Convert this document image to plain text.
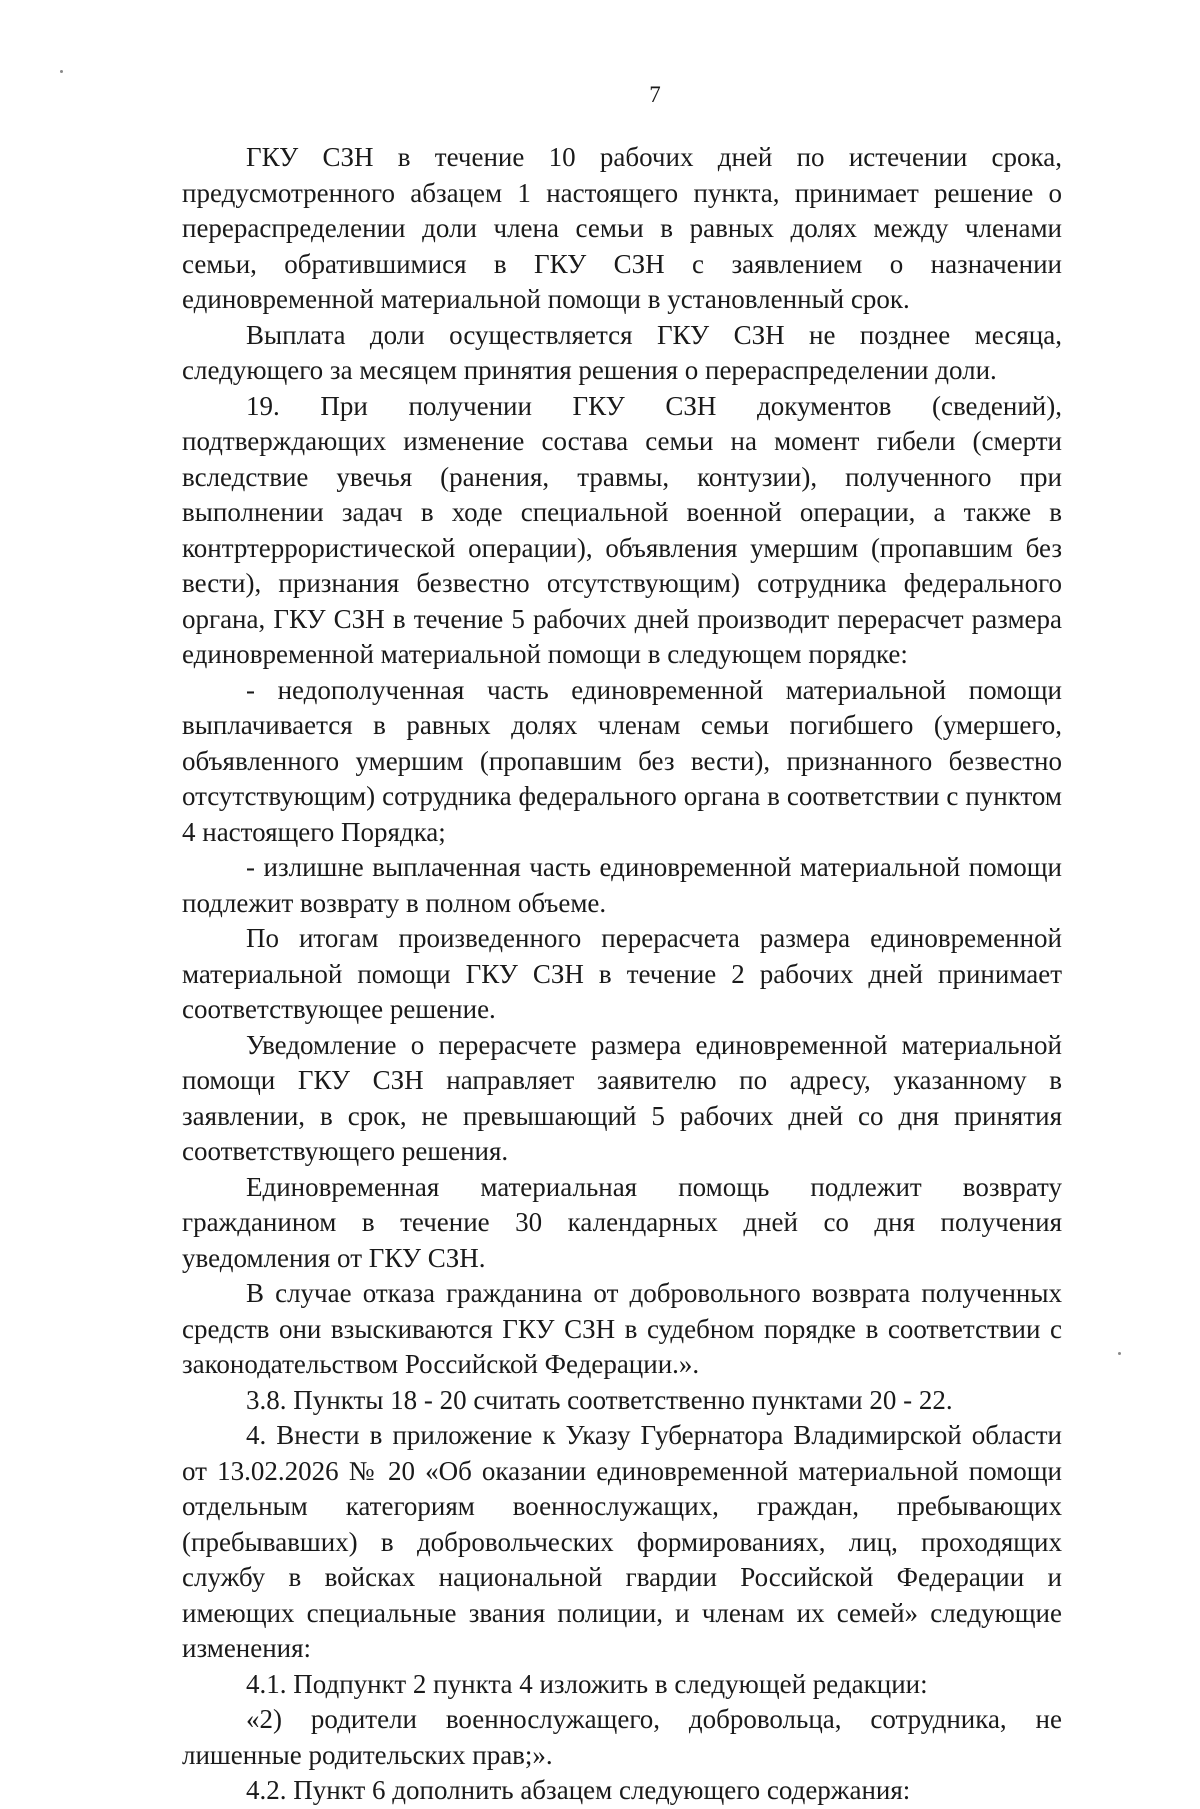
7

ГКУ СЗН в течение 10 рабочих дней по истечении срока, предусмотренного абзацем 1 настоящего пункта, принимает решение о перераспределении доли члена семьи в равных долях между членами семьи, обратившимися в ГКУ СЗН с заявлением о назначении единовременной материальной помощи в установленный срок.

Выплата доли осуществляется ГКУ СЗН не позднее месяца, следующего за месяцем принятия решения о перераспределении доли.

19. При получении ГКУ СЗН документов (сведений), подтверждающих изменение состава семьи на момент гибели (смерти вследствие увечья (ранения, травмы, контузии), полученного при выполнении задач в ходе специальной военной операции, а также в контртеррористической операции), объявления умершим (пропавшим без вести), признания безвестно отсутствующим) сотрудника федерального органа, ГКУ СЗН в течение 5 рабочих дней производит перерасчет размера единовременной материальной помощи в следующем порядке:

- недополученная часть единовременной материальной помощи выплачивается в равных долях членам семьи погибшего (умершего, объявленного умершим (пропавшим без вести), признанного безвестно отсутствующим) сотрудника федерального органа в соответствии с пунктом 4 настоящего Порядка;

- излишне выплаченная часть единовременной материальной помощи подлежит возврату в полном объеме.

По итогам произведенного перерасчета размера единовременной материальной помощи ГКУ СЗН в течение 2 рабочих дней принимает соответствующее решение.

Уведомление о перерасчете размера единовременной материальной помощи ГКУ СЗН направляет заявителю по адресу, указанному в заявлении, в срок, не превышающий 5 рабочих дней со дня принятия соответствующего решения.

Единовременная материальная помощь подлежит возврату гражданином в течение 30 календарных дней со дня получения уведомления от ГКУ СЗН.

В случае отказа гражданина от добровольного возврата полученных средств они взыскиваются ГКУ СЗН в судебном порядке в соответствии с законодательством Российской Федерации.».

3.8. Пункты 18 - 20 считать соответственно пунктами 20 - 22.

4. Внести в приложение к Указу Губернатора Владимирской области от 13.02.2026 № 20 «Об оказании единовременной материальной помощи отдельным категориям военнослужащих, граждан, пребывающих (пребывавших) в добровольческих формированиях, лиц, проходящих службу в войсках национальной гвардии Российской Федерации и имеющих специальные звания полиции, и членам их семей» следующие изменения:

4.1. Подпункт 2 пункта 4 изложить в следующей редакции:

«2) родители военнослужащего, добровольца, сотрудника, не лишенные родительских прав;».

4.2. Пункт 6 дополнить абзацем следующего содержания:
